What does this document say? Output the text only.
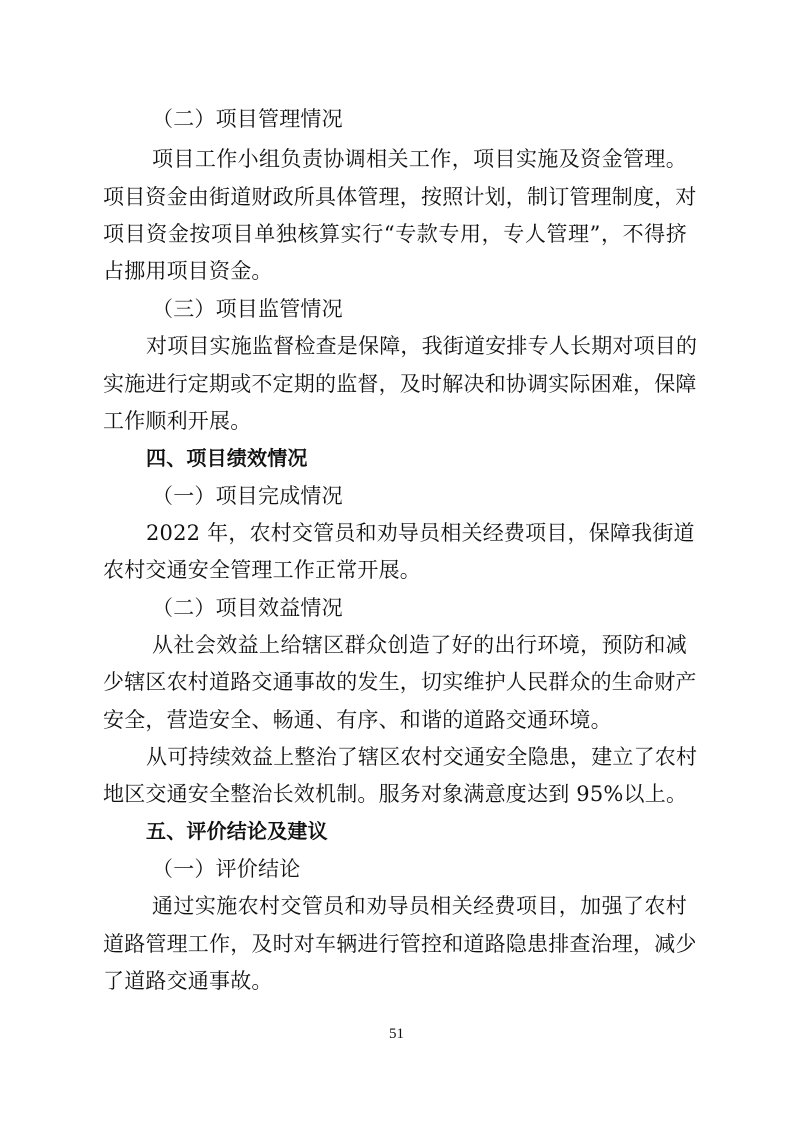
（二）项目管理情况
项目工作小组负责协调相关工作，项目实施及资金管理。
项目资金由街道财政所具体管理，按照计划，制订管理制度，对
项目资金按项目单独核算实行“专款专用，专人管理”，不得挤
占挪用项目资金。
（三）项目监管情况
对项目实施监督检查是保障，我街道安排专人长期对项目的
实施进行定期或不定期的监督，及时解决和协调实际困难，保障
工作顺利开展。
四、项目绩效情况
（一）项目完成情况
2022 年，农村交管员和劝导员相关经费项目，保障我街道
农村交通安全管理工作正常开展。
（二）项目效益情况
从社会效益上给辖区群众创造了好的出行环境，预防和减
少辖区农村道路交通事故的发生，切实维护人民群众的生命财产
安全，营造安全、畅通、有序、和谐的道路交通环境。
从可持续效益上整治了辖区农村交通安全隐患，建立了农村
地区交通安全整治长效机制。服务对象满意度达到 95%以上。
五、评价结论及建议
（一）评价结论
通过实施农村交管员和劝导员相关经费项目，加强了农村
道路管理工作，及时对车辆进行管控和道路隐患排查治理，减少
了道路交通事故。
51
